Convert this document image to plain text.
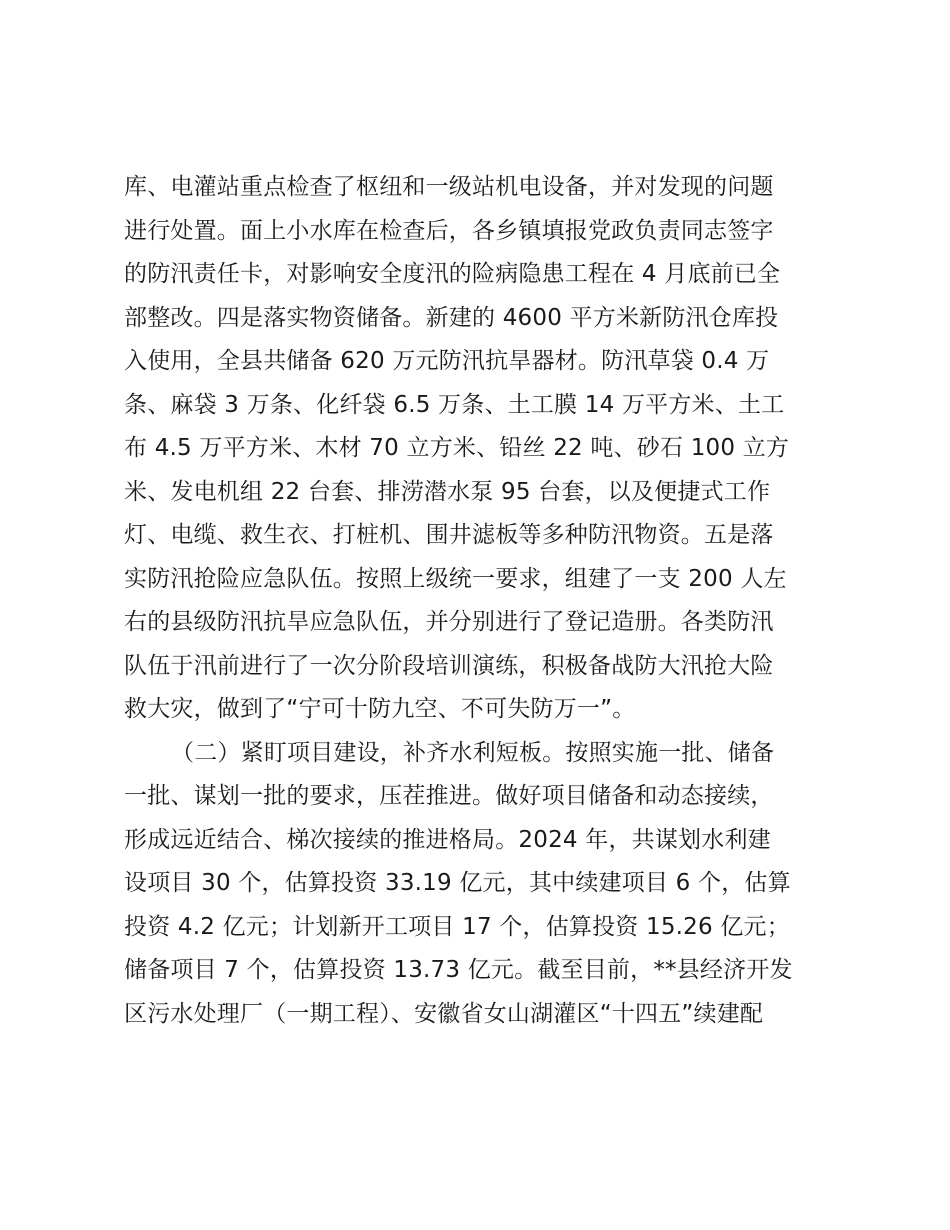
库、电灌站重点检查了枢纽和一级站机电设备，并对发现的问题
进行处置。面上小水库在检查后，各乡镇填报党政负责同志签字
的防汛责任卡，对影响安全度汛的险病隐患工程在 4 月底前已全
部整改。四是落实物资储备。新建的 4600 平方米新防汛仓库投
入使用，全县共储备 620 万元防汛抗旱器材。防汛草袋 0.4 万
条、麻袋 3 万条、化纤袋 6.5 万条、土工膜 14 万平方米、土工
布 4.5 万平方米、木材 70 立方米、铅丝 22 吨、砂石 100 立方
米、发电机组 22 台套、排涝潜水泵 95 台套，以及便捷式工作
灯、电缆、救生衣、打桩机、围井滤板等多种防汛物资。五是落
实防汛抢险应急队伍。按照上级统一要求，组建了一支 200 人左
右的县级防汛抗旱应急队伍，并分别进行了登记造册。各类防汛
队伍于汛前进行了一次分阶段培训演练，积极备战防大汛抢大险
救大灾，做到了“宁可十防九空、不可失防万一”。
（二）紧盯项目建设，补齐水利短板。按照实施一批、储备
一批、谋划一批的要求，压茬推进。做好项目储备和动态接续，
形成远近结合、梯次接续的推进格局。2024 年，共谋划水利建
设项目 30 个，估算投资 33.19 亿元，其中续建项目 6 个，估算
投资 4.2 亿元；计划新开工项目 17 个，估算投资 15.26 亿元；
储备项目 7 个，估算投资 13.73 亿元。截至目前，**县经济开发
区污水处理厂（一期工程）、安徽省女山湖灌区“十四五”续建配
